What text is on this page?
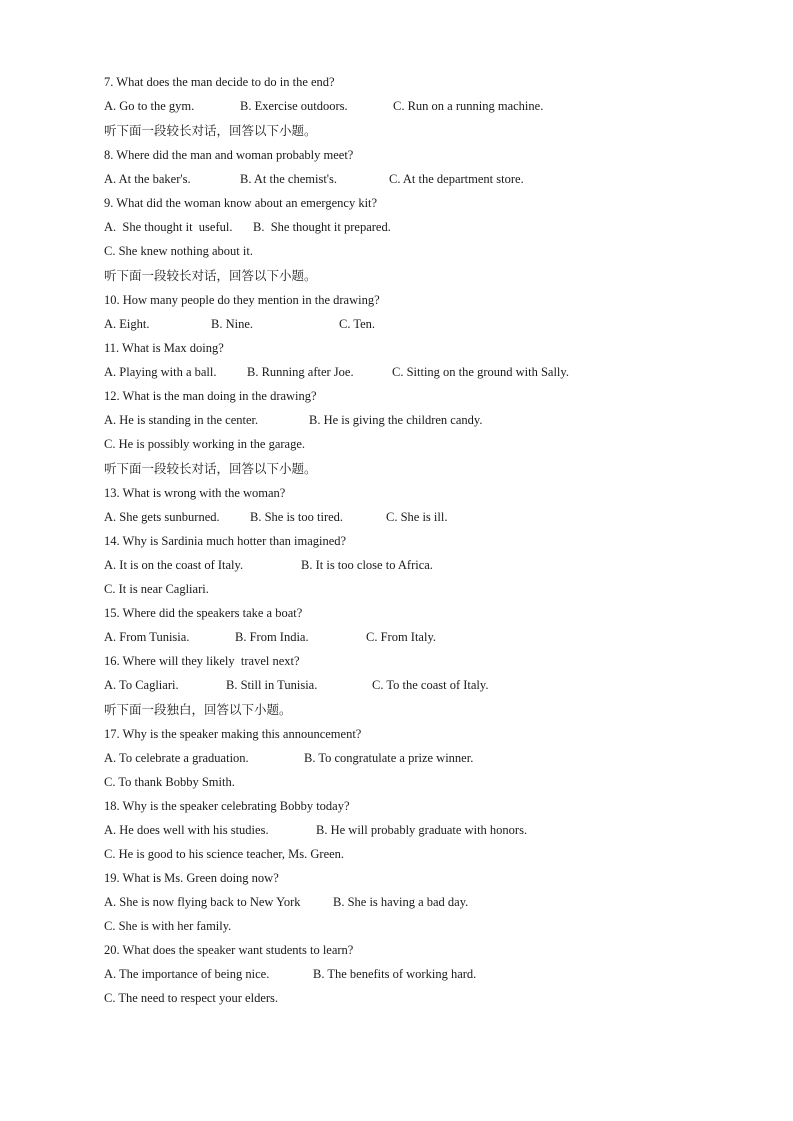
7. What does the man decide to do in the end?
A. Go to the gym.	B. Exercise outdoors.	C. Run on a running machine.
听下面一段较长对话，回答以下小题。
8. Where did the man and woman probably meet?
A. At the baker's.	B. At the chemist's.	C. At the department store.
9. What did the woman know about an emergency kit?
A.  She thought it  useful. B.  She thought it prepared.
C. She knew nothing about it.
听下面一段较长对话，回答以下小题。
10. How many people do they mention in the drawing?
A. Eight.	B. Nine.	C. Ten.
11. What is Max doing?
A. Playing with a ball. B. Running after Joe.	C. Sitting on the ground with Sally.
12. What is the man doing in the drawing?
A. He is standing in the center.	B. He is giving the children candy.
C. He is possibly working in the garage.
听下面一段较长对话，回答以下小题。
13. What is wrong with the woman?
A. She gets sunburned. B. She is too tired.	C. She is ill.
14. Why is Sardinia much hotter than imagined?
A. It is on the coast of Italy.	B. It is too close to Africa.
C. It is near Cagliari.
15. Where did the speakers take a boat?
A. From Tunisia.	B. From India.	C. From Italy.
16. Where will they likely  travel next?
A. To Cagliari.	B. Still in Tunisia.	C. To the coast of Italy.
听下面一段独白，回答以下小题。
17. Why is the speaker making this announcement?
A. To celebrate a graduation.	B. To congratulate a prize winner.
C. To thank Bobby Smith.
18. Why is the speaker celebrating Bobby today?
A. He does well with his studies.	B. He will probably graduate with honors.
C. He is good to his science teacher, Ms. Green.
19. What is Ms. Green doing now?
A. She is now flying back to New York	B. She is having a bad day.
C. She is with her family.
20. What does the speaker want students to learn?
A. The importance of being nice.	B. The benefits of working hard.
C. The need to respect your elders.
